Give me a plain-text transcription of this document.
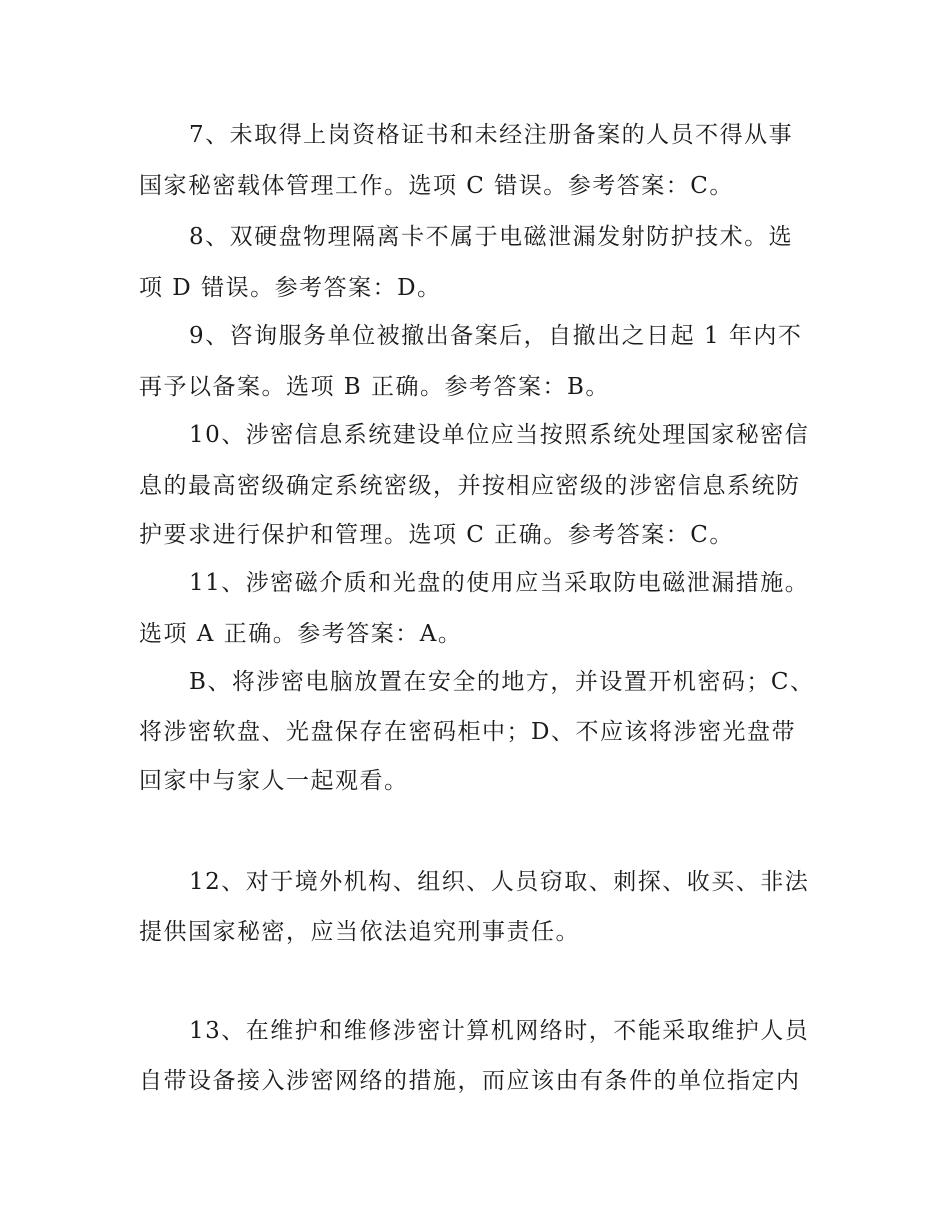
7、未取得上岗资格证书和未经注册备案的人员不得从事
国家秘密载体管理工作。选项 C 错误。参考答案：C。
8、双硬盘物理隔离卡不属于电磁泄漏发射防护技术。选
项 D 错误。参考答案：D。
9、咨询服务单位被撤出备案后，自撤出之日起 1 年内不
再予以备案。选项 B 正确。参考答案：B。
10、涉密信息系统建设单位应当按照系统处理国家秘密信
息的最高密级确定系统密级，并按相应密级的涉密信息系统防
护要求进行保护和管理。选项 C 正确。参考答案：C。
11、涉密磁介质和光盘的使用应当采取防电磁泄漏措施。
选项 A 正确。参考答案：A。
B、将涉密电脑放置在安全的地方，并设置开机密码；C、
将涉密软盘、光盘保存在密码柜中；D、不应该将涉密光盘带
回家中与家人一起观看。
12、对于境外机构、组织、人员窃取、刺探、收买、非法
提供国家秘密，应当依法追究刑事责任。
13、在维护和维修涉密计算机网络时，不能采取维护人员
自带设备接入涉密网络的措施，而应该由有条件的单位指定内
